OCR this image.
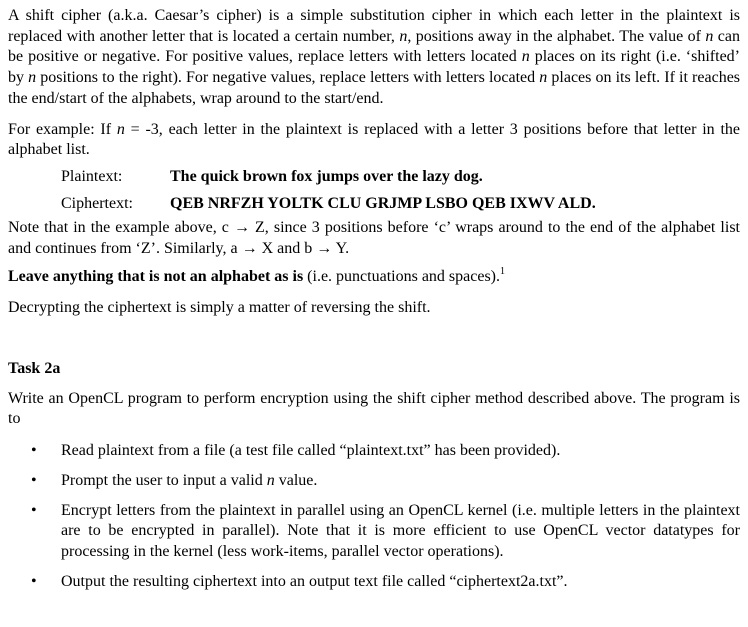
A shift cipher (a.k.a. Caesar’s cipher) is a simple substitution cipher in which each letter in the plaintext is replaced with another letter that is located a certain number, n, positions away in the alphabet. The value of n can be positive or negative. For positive values, replace letters with letters located n places on its right (i.e. ‘shifted’ by n positions to the right). For negative values, replace letters with letters located n places on its left. If it reaches the end/start of the alphabets, wrap around to the start/end.

For example: If n = -3, each letter in the plaintext is replaced with a letter 3 positions before that letter in the alphabet list.

Plaintext:	The quick brown fox jumps over the lazy dog.
Ciphertext: QEB NRFZH YOLTK CLU GRJMP LSBO QEB IXWV ALD.

Note that in the example above, c → Z, since 3 positions before ‘c’ wraps around to the end of the alphabet list and continues from ‘Z’. Similarly, a → X and b → Y.

Leave anything that is not an alphabet as is (i.e. punctuations and spaces).$^1$

Decrypting the ciphertext is simply a matter of reversing the shift.

Task 2a

Write an OpenCL program to perform encryption using the shift cipher method described above. The program is to

• Read plaintext from a file (a test file called “plaintext.txt” has been provided).
• Prompt the user to input a valid n value.
• Encrypt letters from the plaintext in parallel using an OpenCL kernel (i.e. multiple letters in the plaintext are to be encrypted in parallel). Note that it is more efficient to use OpenCL vector datatypes for processing in the kernel (less work-items, parallel vector operations).
• Output the resulting ciphertext into an output text file called “ciphertext2a.txt”.
